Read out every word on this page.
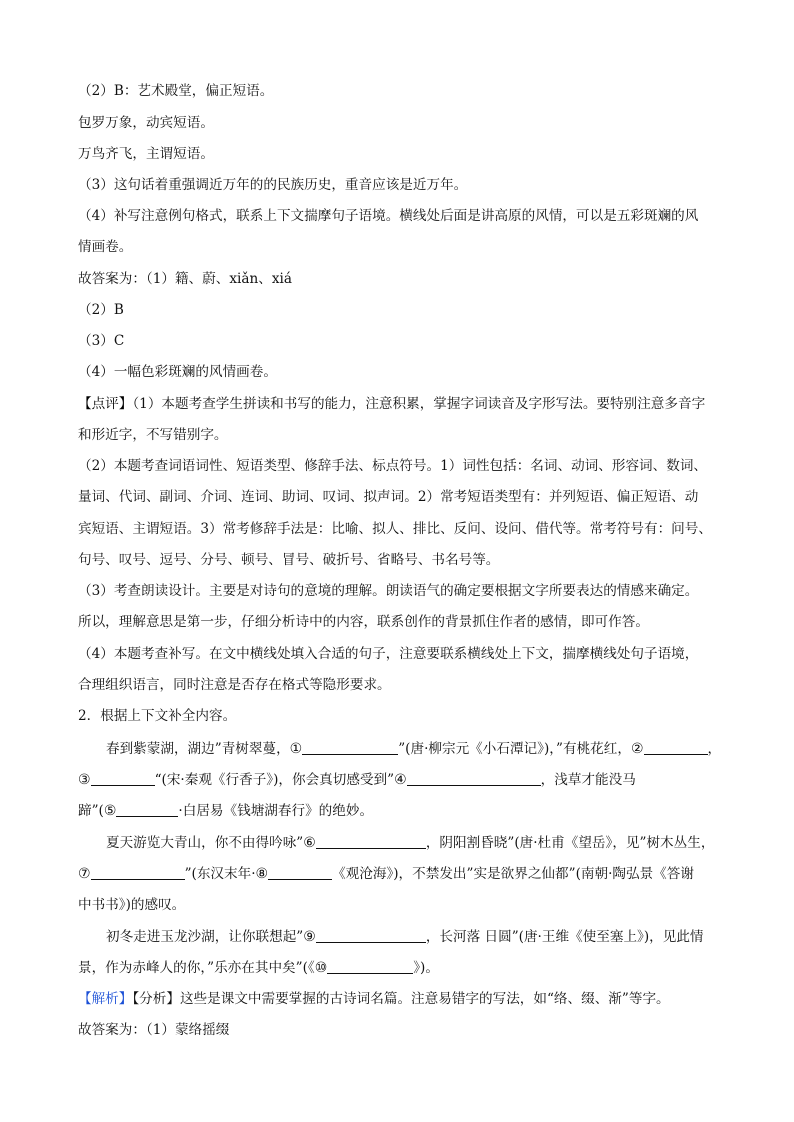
（2）B：艺术殿堂，偏正短语。
包罗万象，动宾短语。
万鸟齐飞，主谓短语。
（3）这句话着重强调近万年的的民族历史，重音应该是近万年。
（4）补写注意例句格式，联系上下文揣摩句子语境。横线处后面是讲高原的风情，可以是五彩斑斓的风
情画卷。
故答案为：（1）籍、蔚、xiǎn、xiá
（2）B
（3）C
（4）一幅色彩斑斓的风情画卷。
【点评】（1）本题考查学生拼读和书写的能力，注意积累，掌握字词读音及字形写法。要特别注意多音字
和形近字，不写错别字。
（2）本题考查词语词性、短语类型、修辞手法、标点符号。1）词性包括：名词、动词、形容词、数词、
量词、代词、副词、介词、连词、助词、叹词、拟声词。2）常考短语类型有：并列短语、偏正短语、动
宾短语、主谓短语。3）常考修辞手法是：比喻、拟人、排比、反问、设问、借代等。常考符号有：问号、
句号、叹号、逗号、分号、顿号、冒号、破折号、省略号、书名号等。
（3）考查朗读设计。主要是对诗句的意境的理解。朗读语气的确定要根据文字所要表达的情感来确定。
所以，理解意思是第一步，仔细分析诗中的内容，联系创作的背景抓住作者的感情，即可作答。
（4）本题考查补写。在文中横线处填入合适的句子，注意要联系横线处上下文，揣摩横线处句子语境，
合理组织语言，同时注意是否存在格式等隐形要求。
2．根据上下文补全内容。
春到紫蒙湖，湖边”青树翠蔓，①	”(唐·柳宗元《小石潭记》)，”有桃花红，②	，
③	“(宋·秦观《行香子》)，你会真切感受到”④	，浅草才能没马
蹄”(⑤	·白居易《钱塘湖春行》的绝妙。
夏天游览大青山，你不由得吟咏”⑥	，阴阳割昏晓”(唐·杜甫《望岳》，见”树木丛生，
⑦	”(东汉末年·⑧	《观沧海》)，不禁发出”实是欲界之仙都”(南朝·陶弘景《答谢
中书书》)的感叹。
初冬走进玉龙沙湖，让你联想起”⑨	，长河落 日圆”(唐·王维《使至塞上》)，见此情
景，作为赤峰人的你，”乐亦在其中矣”(《⑩	》)。
【解析】【分析】这些是课文中需要掌握的古诗词名篇。注意易错字的写法，如“络、缀、渐”等字。
故答案为：（1）蒙络摇缀
